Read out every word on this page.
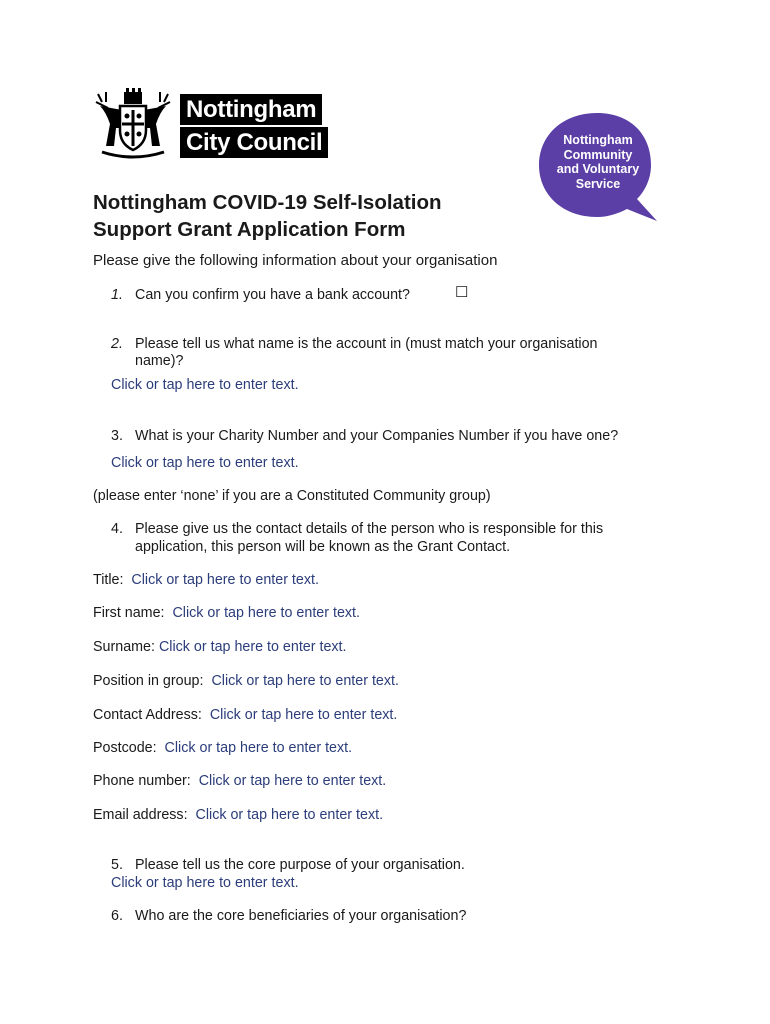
Nottingham
City Council	Nottingham
Community
and Voluntary
Service
Nottingham COVID-19 Self-Isolation
Support Grant Application Form
Please give the following information about your organisation
1. Can you confirm you have a bank account?	☐
2. Please tell us what name is the account in (must match your organisation
name)?
Click or tap here to enter text.
3. What is your Charity Number and your Companies Number if you have one?
Click or tap here to enter text.
(please enter ‘none’ if you are a Constituted Community group)
4. Please give us the contact details of the person who is responsible for this
application, this person will be known as the Grant Contact.
Title: Click or tap here to enter text.
First name: Click or tap here to enter text.
Surname: Click or tap here to enter text.
Position in group: Click or tap here to enter text.
Contact Address: Click or tap here to enter text.
Postcode: Click or tap here to enter text.
Phone number: Click or tap here to enter text.
Email address: Click or tap here to enter text.
5. Please tell us the core purpose of your organisation.
Click or tap here to enter text.
6. Who are the core beneficiaries of your organisation?
